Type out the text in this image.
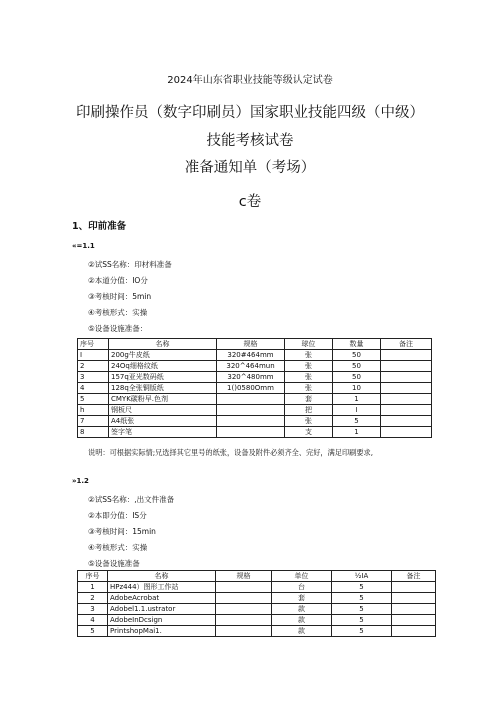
2024年山东省职业技能等级认定试卷
印刷操作员（数字印刷员）国家职业技能四级（中级）
技能考核试卷
准备通知单（考场）
c卷
1、印前准备
«=1.1
②试SS名称：印材料准备
②本道分值：IO分
③考核时间：5min
④考核形式：实操
⑤设备设施准备：
序号	名称	规格	球位	数量	备注
I	200g牛皮纸	320#464mm	张	50	
2	24Oq细格纹纸	320^464mun	张	50	
3	157q亚光数码纸	320^480mm	张	50	
4	128q全张铜版纸	1()0580Omm	张	10	
5	CMYK碳粉早.色剂		套	1	
h	钢板尺		把	I	
7	A4纸张		张	5	
8	签字笔		支	1	
说明：可根据实际情;兄选择其它里号的纸张，设备及附件必须齐全、完好，满足印刷要求,
»1.2
②试SS名称：,出文件准备
②本即分值：IS分
③考核时间：15min
④考核形式：实操
⑤设备设施准备
序号	名称	规格	单位	½IA	备注
1	HPz444）图形工作站		台	5	
2	AdobeAcrobat		套	5	
3	Adobel1.1.ustrator		款	5	
4	AdobeInDcsign		款	5	
5	PrintshopMai1.		款	5	
